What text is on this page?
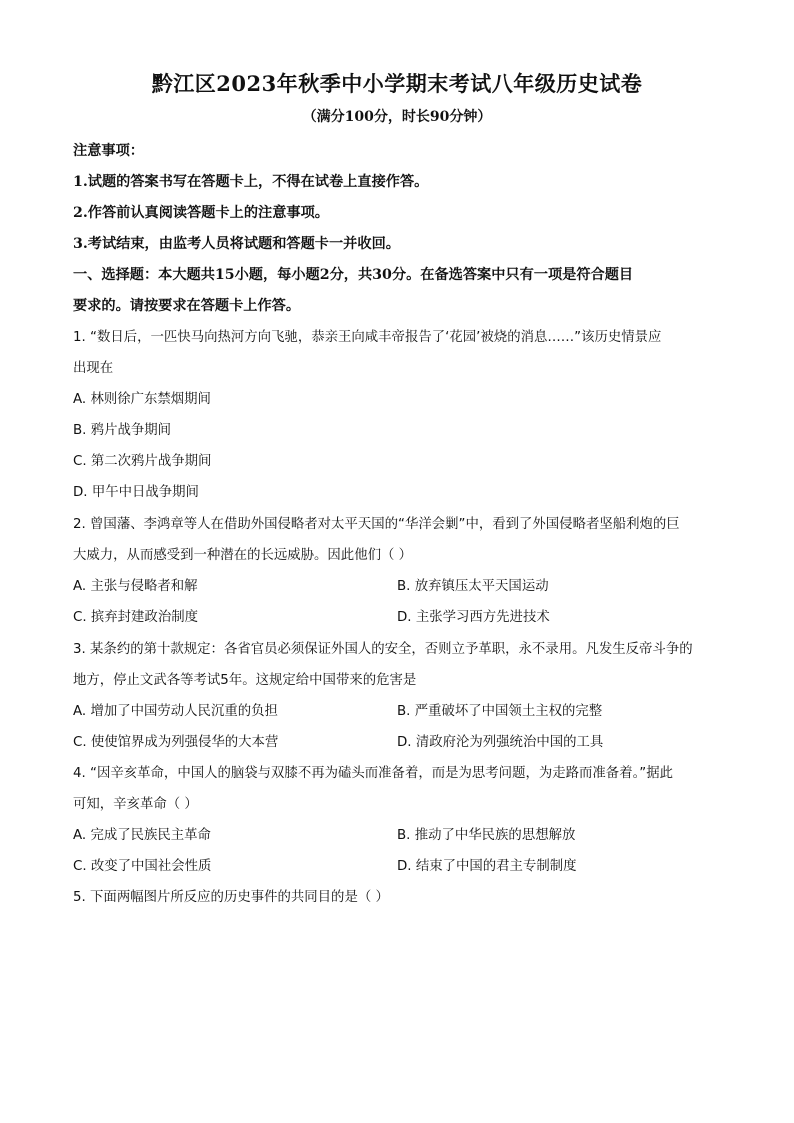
黔江区2023年秋季中小学期末考试八年级历史试卷
（满分100分，时长90分钟）
注意事项：
1.试题的答案书写在答题卡上，不得在试卷上直接作答。
2.作答前认真阅读答题卡上的注意事项。
3.考试结束，由监考人员将试题和答题卡一并收回。
一、选择题：本大题共15小题，每小题2分，共30分。在备选答案中只有一项是符合题目
要求的。请按要求在答题卡上作答。
1. “数日后，一匹快马向热河方向飞驰，恭亲王向咸丰帝报告了‘花园’被烧的消息……”该历史情景应
出现在
A. 林则徐广东禁烟期间
B. 鸦片战争期间
C. 第二次鸦片战争期间
D. 甲午中日战争期间
2. 曾国藩、李鸿章等人在借助外国侵略者对太平天国的“华洋会剿”中，看到了外国侵略者坚船利炮的巨
大威力，从而感受到一种潜在的长远威胁。因此他们（ ）
A. 主张与侵略者和解	B. 放弃镇压太平天国运动
C. 摈弃封建政治制度	D. 主张学习西方先进技术
3. 某条约的第十款规定：各省官员必须保证外国人的安全，否则立予革职，永不录用。凡发生反帝斗争的
地方，停止文武各等考试5年。这规定给中国带来的危害是
A. 增加了中国劳动人民沉重的负担	B. 严重破坏了中国领土主权的完整
C. 使使馆界成为列强侵华的大本营	D. 清政府沦为列强统治中国的工具
4. “因辛亥革命，中国人的脑袋与双膝不再为磕头而准备着，而是为思考问题，为走路而准备着。”据此
可知，辛亥革命（ ）
A. 完成了民族民主革命	B. 推动了中华民族的思想解放
C. 改变了中国社会性质	D. 结束了中国的君主专制制度
5. 下面两幅图片所反应的历史事件的共同目的是（ ）
